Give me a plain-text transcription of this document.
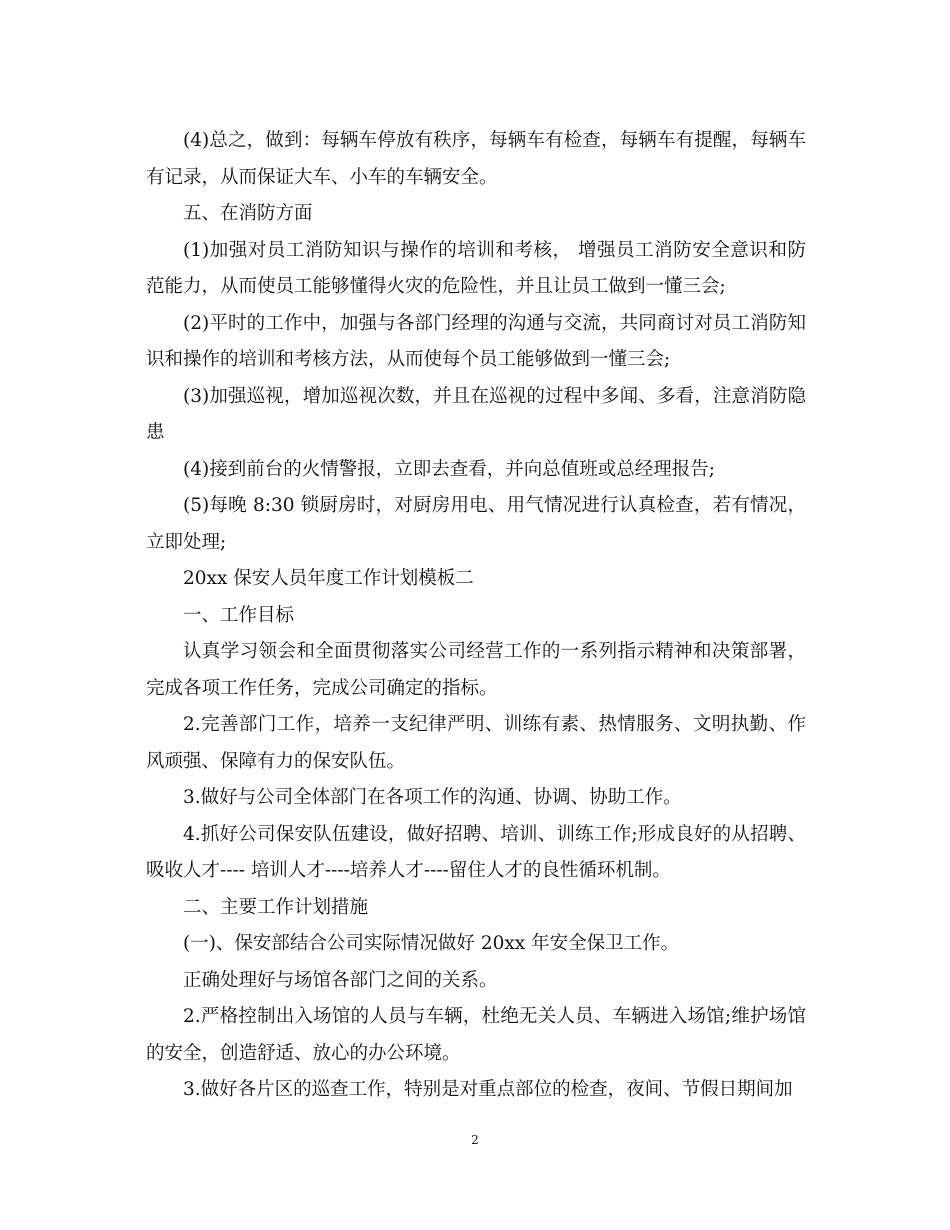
(4)总之，做到：每辆车停放有秩序，每辆车有检查，每辆车有提醒，每辆车有记录，从而保证大车、小车的车辆安全。

五、在消防方面

(1)加强对员工消防知识与操作的培训和考核， 增强员工消防安全意识和防范能力，从而使员工能够懂得火灾的危险性，并且让员工做到一懂三会;

(2)平时的工作中，加强与各部门经理的沟通与交流，共同商讨对员工消防知识和操作的培训和考核方法，从而使每个员工能够做到一懂三会;

(3)加强巡视，增加巡视次数，并且在巡视的过程中多闻、多看，注意消防隐患

(4)接到前台的火情警报，立即去查看，并向总值班或总经理报告;

(5)每晚 8:30 锁厨房时，对厨房用电、用气情况进行认真检查，若有情况，立即处理;

20xx 保安人员年度工作计划模板二

一、工作目标

认真学习领会和全面贯彻落实公司经营工作的一系列指示精神和决策部署，完成各项工作任务，完成公司确定的指标。

2.完善部门工作，培养一支纪律严明、训练有素、热情服务、文明执勤、作风顽强、保障有力的保安队伍。

3.做好与公司全体部门在各项工作的沟通、协调、协助工作。

4.抓好公司保安队伍建设，做好招聘、培训、训练工作;形成良好的从招聘、吸收人才---- 培训人才----培养人才----留住人才的良性循环机制。

二、主要工作计划措施

(一)、保安部结合公司实际情况做好 20xx 年安全保卫工作。

正确处理好与场馆各部门之间的关系。

2.严格控制出入场馆的人员与车辆，杜绝无关人员、车辆进入场馆;维护场馆的安全，创造舒适、放心的办公环境。

3.做好各片区的巡查工作，特别是对重点部位的检查，夜间、节假日期间加

2
